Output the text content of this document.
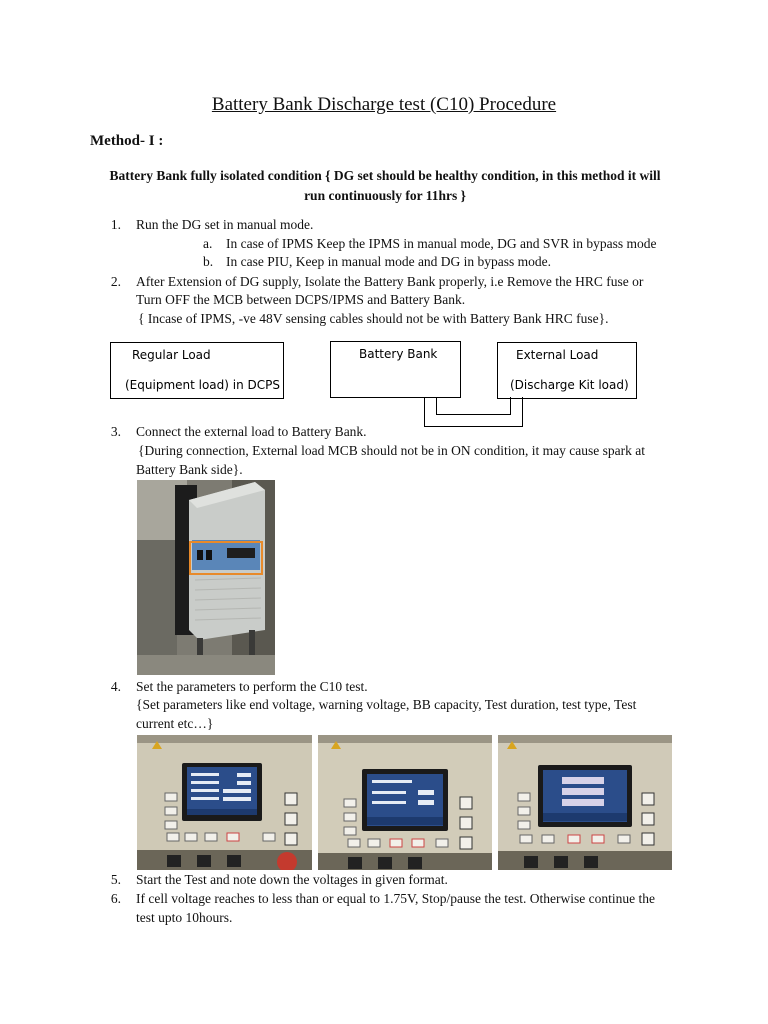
Battery Bank Discharge test (C10) Procedure
Method- I :
Battery Bank fully isolated condition { DG set should be healthy condition, in this method it will
run continuously for 11hrs }
1. Run the DG set in manual mode.
a. In case of IPMS Keep the IPMS in manual mode, DG and SVR in bypass mode
b. In case PIU, Keep in manual mode and DG in bypass mode.
2. After Extension of DG supply, Isolate the Battery Bank properly, i.e Remove the HRC fuse or
Turn OFF the MCB between DCPS/IPMS and Battery Bank.
{ Incase of IPMS, -ve 48V sensing cables should not be with Battery Bank HRC fuse}.
Regular Load
(Equipment load) in DCPS
Battery Bank	External Load
(Discharge Kit load)
3. Connect the external load to Battery Bank.
{During connection, External load MCB should not be in ON condition, it may cause spark at
Battery Bank side}.
4. Set the parameters to perform the C10 test.
{Set parameters like end voltage, warning voltage, BB capacity, Test duration, test type, Test
current etc…}
5. Start the Test and note down the voltages in given format.
6. If cell voltage reaches to less than or equal to 1.75V, Stop/pause the test. Otherwise continue the
test upto 10hours.
